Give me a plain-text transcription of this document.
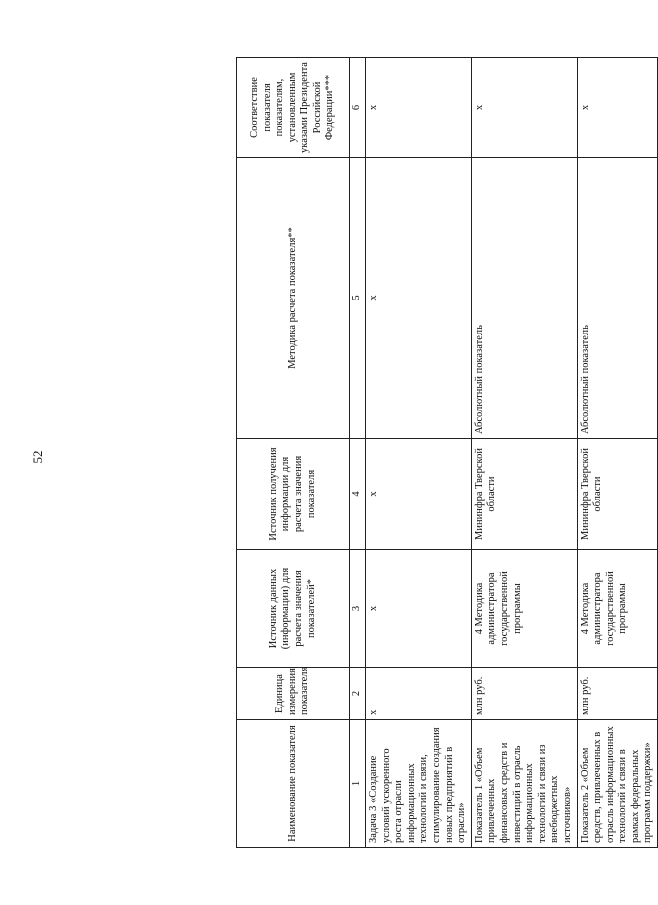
52
Наименование показателя	Единица измерения показателя	Источник данных (информации) для расчета значения показателей*	Источник получения информации для расчета значения показателя	Методика расчета показателя**	Соответствие показателя показателям, установленным указами Президента Российской Федерации***
1	2	3	4	5	6
Задача 3 «Создание условий ускоренного роста отрасли информационных технологий и связи, стимулирование создания новых предприятий в отрасли»	x	x	x	x	x
Показатель 1 «Объем привлеченных финансовых средств и инвестиций в отрасль информационных технологий и связи из внебюджетных источников»	млн руб.	4 Методика администратора государственной программы	Мининфра Тверской области	Абсолютный показатель	x
Показатель 2 «Объем средств, привлеченных в отрасль информационных технологий и связи в рамках федеральных программ поддержки»	млн руб.	4 Методика администратора государственной программы	Мининфра Тверской области	Абсолютный показатель	x
